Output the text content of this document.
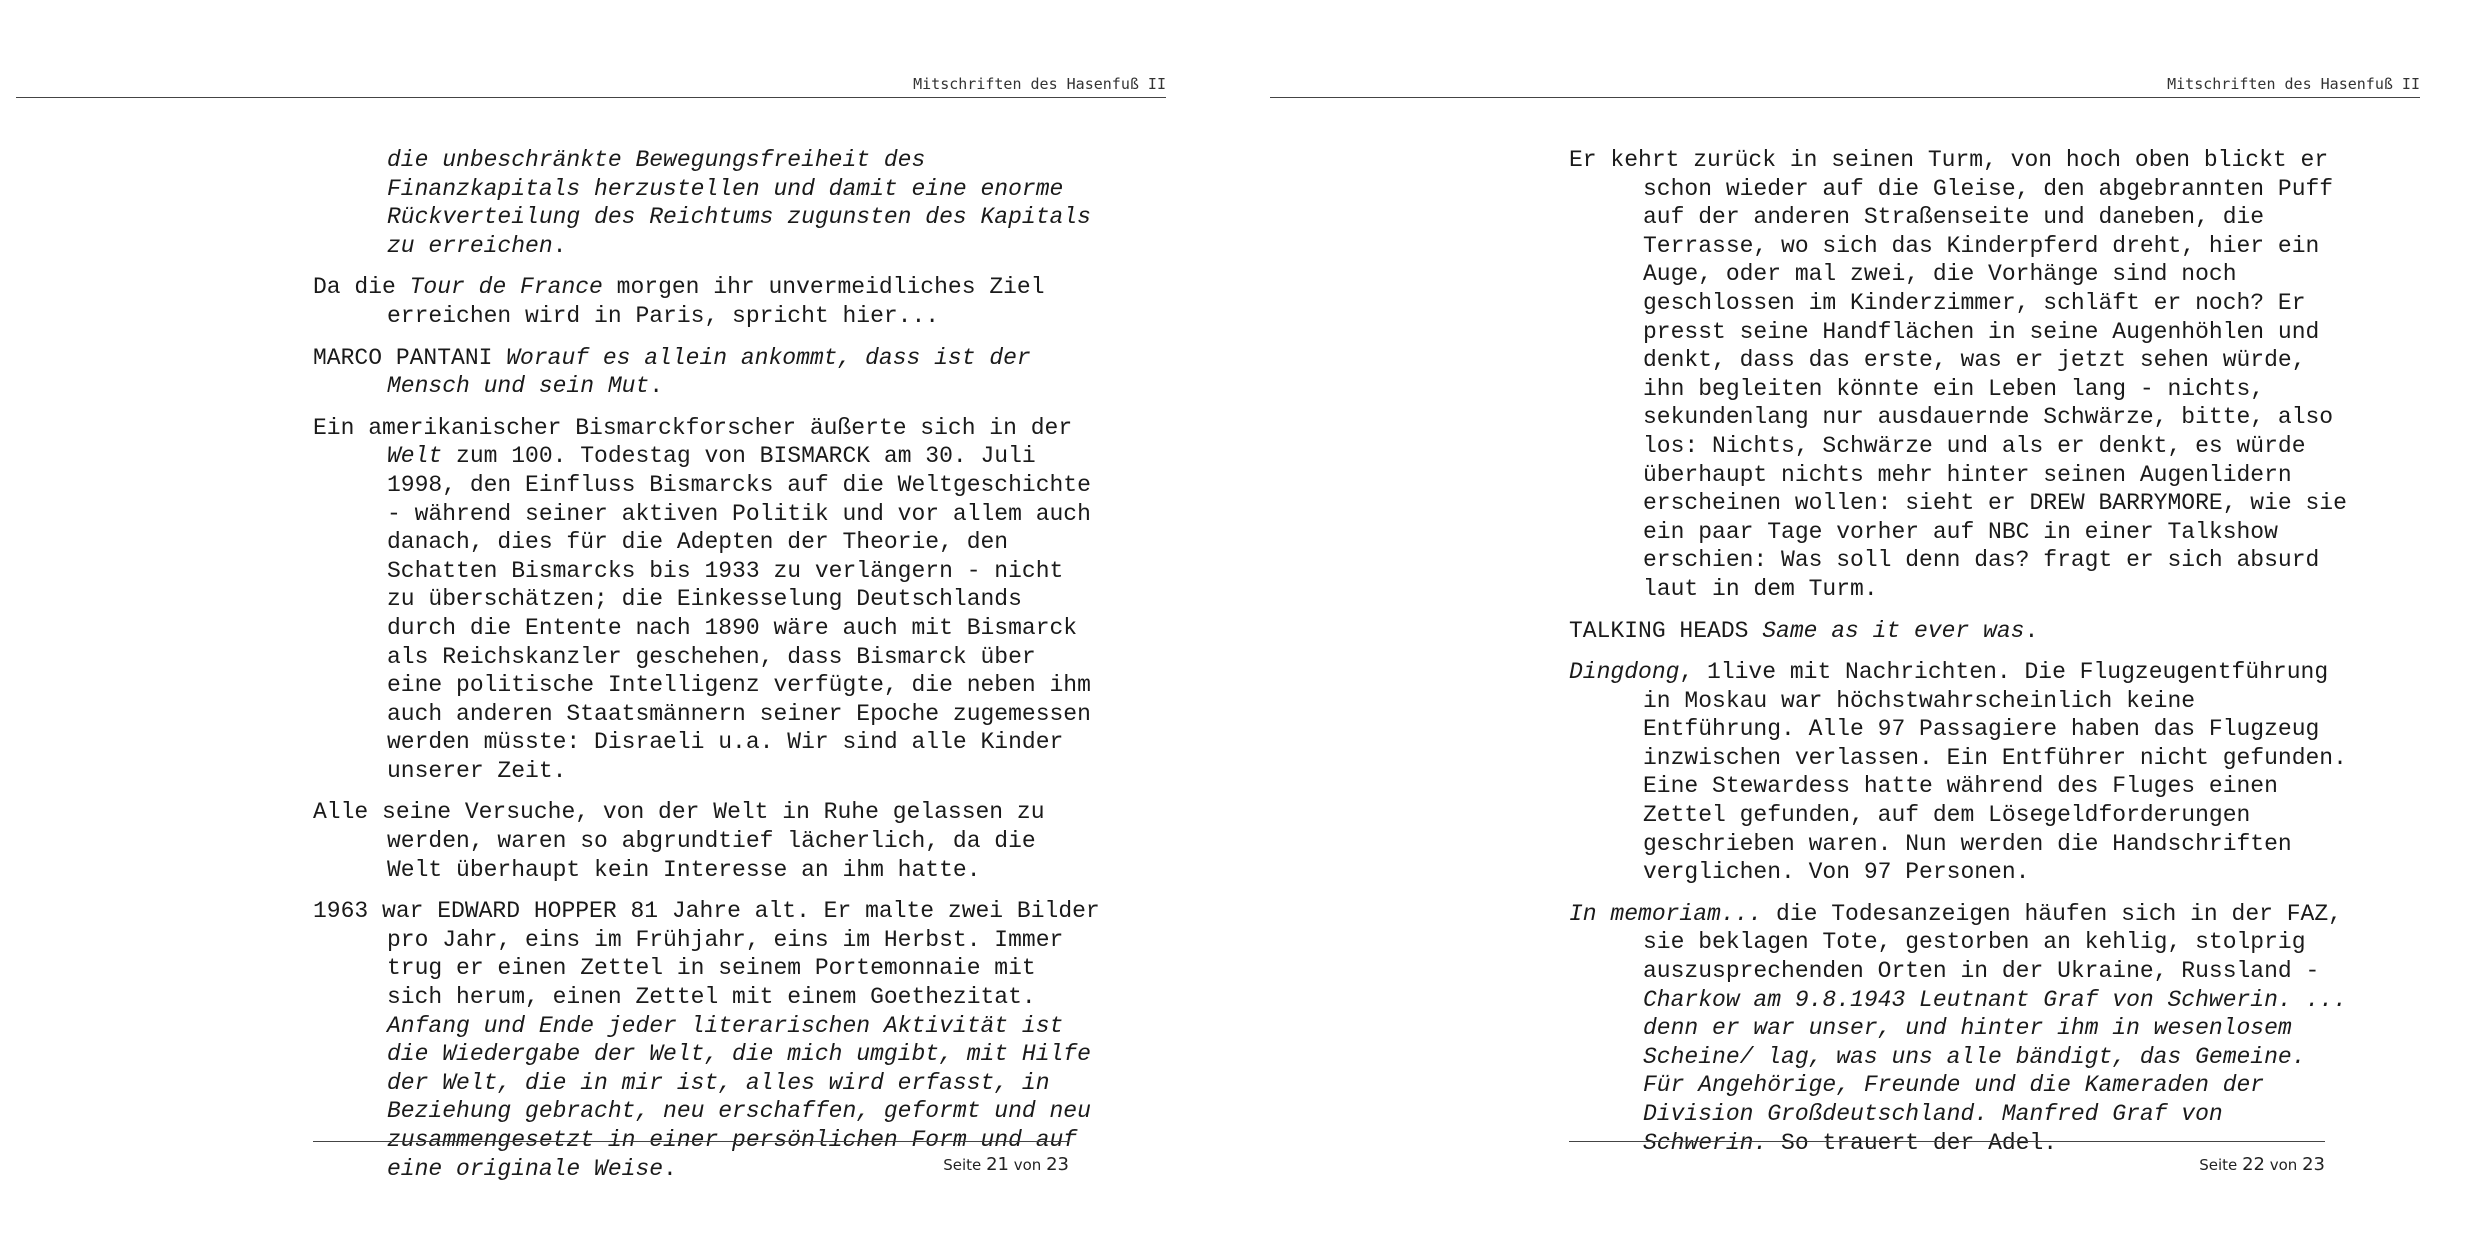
Mitschriften des Hasenfuß II

die unbeschränkte Bewegungsfreiheit des Finanzkapitals herzustellen und damit eine enorme Rückverteilung des Reichtums zugunsten des Kapitals zu erreichen.

Da die Tour de France morgen ihr unvermeidliches Ziel erreichen wird in Paris, spricht hier...

MARCO PANTANI Worauf es allein ankommt, dass ist der Mensch und sein Mut.

Ein amerikanischer Bismarckforscher äußerte sich in der Welt zum 100. Todestag von BISMARCK am 30. Juli 1998, den Einfluss Bismarcks auf die Weltgeschichte - während seiner aktiven Politik und vor allem auch danach, dies für die Adepten der Theorie, den Schatten Bismarcks bis 1933 zu verlängern - nicht zu überschätzen; die Einkesselung Deutschlands durch die Entente nach 1890 wäre auch mit Bismarck als Reichskanzler geschehen, dass Bismarck über eine politische Intelligenz verfügte, die neben ihm auch anderen Staatsmännern seiner Epoche zugemessen werden müsste: Disraeli u.a. Wir sind alle Kinder unserer Zeit.

Alle seine Versuche, von der Welt in Ruhe gelassen zu werden, waren so abgrundtief lächerlich, da die Welt überhaupt kein Interesse an ihm hatte.

1963 war EDWARD HOPPER 81 Jahre alt. Er malte zwei Bilder pro Jahr, eins im Frühjahr, eins im Herbst. Immer trug er einen Zettel in seinem Portemonnaie mit sich herum, einen Zettel mit einem Goethezitat. Anfang und Ende jeder literarischen Aktivität ist die Wiedergabe der Welt, die mich umgibt, mit Hilfe der Welt, die in mir ist, alles wird erfasst, in Beziehung gebracht, neu erschaffen, geformt und neu zusammengesetzt in einer persönlichen Form und auf eine originale Weise.	Seite 21 von 23
Mitschriften des Hasenfuß II

Er kehrt zurück in seinen Turm, von hoch oben blickt er schon wieder auf die Gleise, den abgebrannten Puff auf der anderen Straßenseite und daneben, die Terrasse, wo sich das Kinderpferd dreht, hier ein Auge, oder mal zwei, die Vorhänge sind noch geschlossen im Kinderzimmer, schläft er noch? Er presst seine Handflächen in seine Augenhöhlen und denkt, dass das erste, was er jetzt sehen würde, ihn begleiten könnte ein Leben lang - nichts, sekundenlang nur ausdauernde Schwärze, bitte, also los: Nichts, Schwärze und als er denkt, es würde überhaupt nichts mehr hinter seinen Augenlidern erscheinen wollen: sieht er DREW BARRYMORE, wie sie ein paar Tage vorher auf NBC in einer Talkshow erschien: Was soll denn das? fragt er sich absurd laut in dem Turm.

TALKING HEADS Same as it ever was.

Dingdong, 1live mit Nachrichten. Die Flugzeugentführung in Moskau war höchstwahrscheinlich keine Entführung. Alle 97 Passagiere haben das Flugzeug inzwischen verlassen. Ein Entführer nicht gefunden. Eine Stewardess hatte während des Fluges einen Zettel gefunden, auf dem Lösegeldforderungen geschrieben waren. Nun werden die Handschriften verglichen. Von 97 Personen.

In memoriam... die Todesanzeigen häufen sich in der FAZ, sie beklagen Tote, gestorben an kehlig, stolprig auszusprechenden Orten in der Ukraine, Russland - Charkow am 9.8.1943 Leutnant Graf von Schwerin. ... denn er war unser, und hinter ihm in wesenlosem Scheine/ lag, was uns alle bändigt, das Gemeine. Für Angehörige, Freunde und die Kameraden der Division Großdeutschland. Manfred Graf von Schwerin. So trauert der Adel.

Seite 22 von 23
